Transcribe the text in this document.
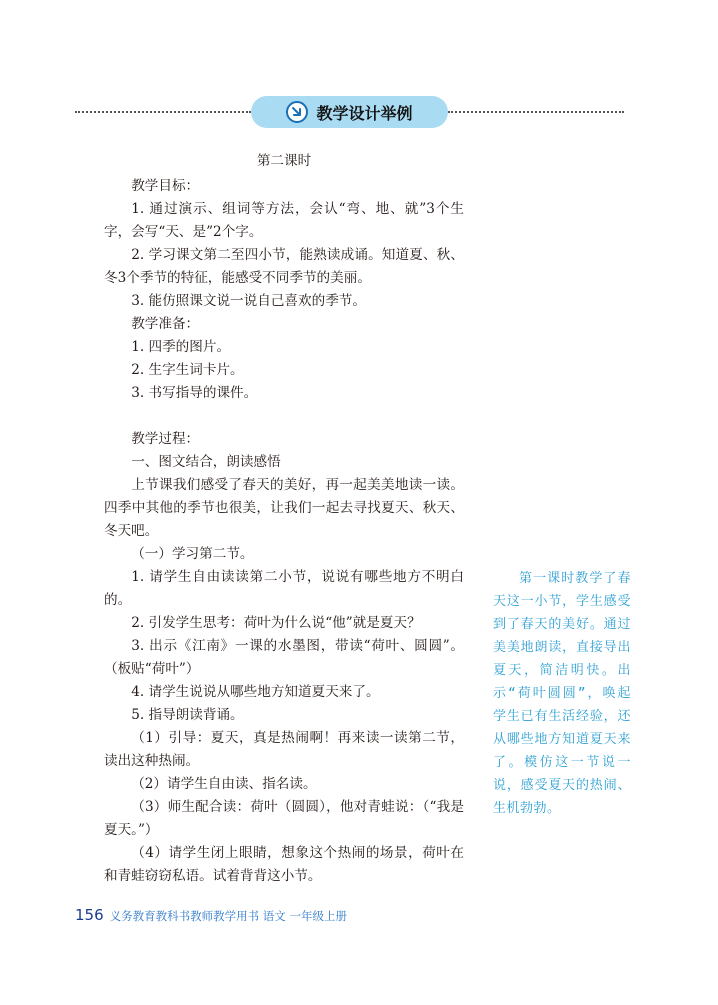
教学设计举例

第二课时

教学目标：

1. 通过演示、组词等方法，会认“弯、地、就”3个生字，会写“天、是”2个字。

2. 学习课文第二至四小节，能熟读成诵。知道夏、秋、冬3个季节的特征，能感受不同季节的美丽。

3. 能仿照课文说一说自己喜欢的季节。

教学准备：

1. 四季的图片。

2. 生字生词卡片。

3. 书写指导的课件。

教学过程：

一、图文结合，朗读感悟

上节课我们感受了春天的美好，再一起美美地读一读。四季中其他的季节也很美，让我们一起去寻找夏天、秋天、冬天吧。

（一）学习第二节。

1. 请学生自由读读第二小节，说说有哪些地方不明白的。

2. 引发学生思考：荷叶为什么说“他”就是夏天？

3. 出示《江南》一课的水墨图，带读“荷叶、圆圆”。（板贴“荷叶”）

4. 请学生说说从哪些地方知道夏天来了。

5. 指导朗读背诵。

（1）引导：夏天，真是热闹啊！再来读一读第二节，读出这种热闹。

（2）请学生自由读、指名读。

（3）师生配合读：荷叶（圆圆），他对青蛙说：（“我是夏天。”）

（4）请学生闭上眼睛，想象这个热闹的场景，荷叶在和青蛙窃窃私语。试着背背这小节。

第一课时教学了春天这一小节，学生感受到了春天的美好。通过美美地朗读，直接导出夏天，简洁明快。出示“荷叶圆圆”，唤起学生已有生活经验，还从哪些地方知道夏天来了。模仿这一节说一说，感受夏天的热闹、生机勃勃。
156 义务教育教科书教师教学用书 语文 一年级上册
